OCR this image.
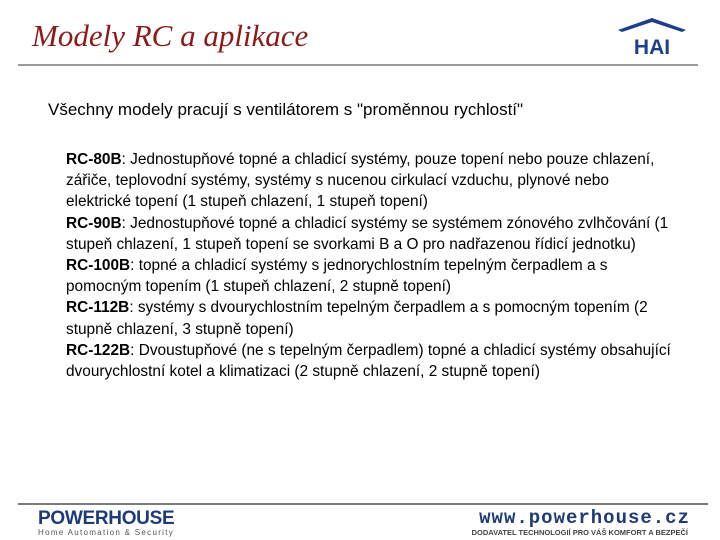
Modely RC a aplikace	HAI

Všechny modely pracují s ventilátorem s "proměnnou rychlostí"

RC-80B: Jednostupňové topné a chladicí systémy, pouze topení nebo pouze chlazení, zářiče, teplovodní systémy, systémy s nucenou cirkulací vzduchu, plynové nebo elektrické topení (1 stupeň chlazení, 1 stupeň topení)

RC-90B: Jednostupňové topné a chladicí systémy se systémem zónového zvlhčování (1 stupeň chlazení, 1 stupeň topení se svorkami B a O pro nadřazenou řídicí jednotku)

RC-100B: topné a chladicí systémy s jednorychlostním tepelným čerpadlem a s pomocným topením (1 stupeň chlazení, 2 stupně topení)

RC-112B: systémy s dvourychlostním tepelným čerpadlem a s pomocným topením (2 stupně chlazení, 3 stupně topení)

RC-122B: Dvoustupňové (ne s tepelným čerpadlem) topné a chladicí systémy obsahující dvourychlostní kotel a klimatizaci (2 stupně chlazení, 2 stupně topení)

POWERHOUSE
Home Automation & Security
www.powerhouse.cz
DODAVATEL TECHNOLOGIÍ PRO VÁŠ KOMFORT A BEZPEČÍ
